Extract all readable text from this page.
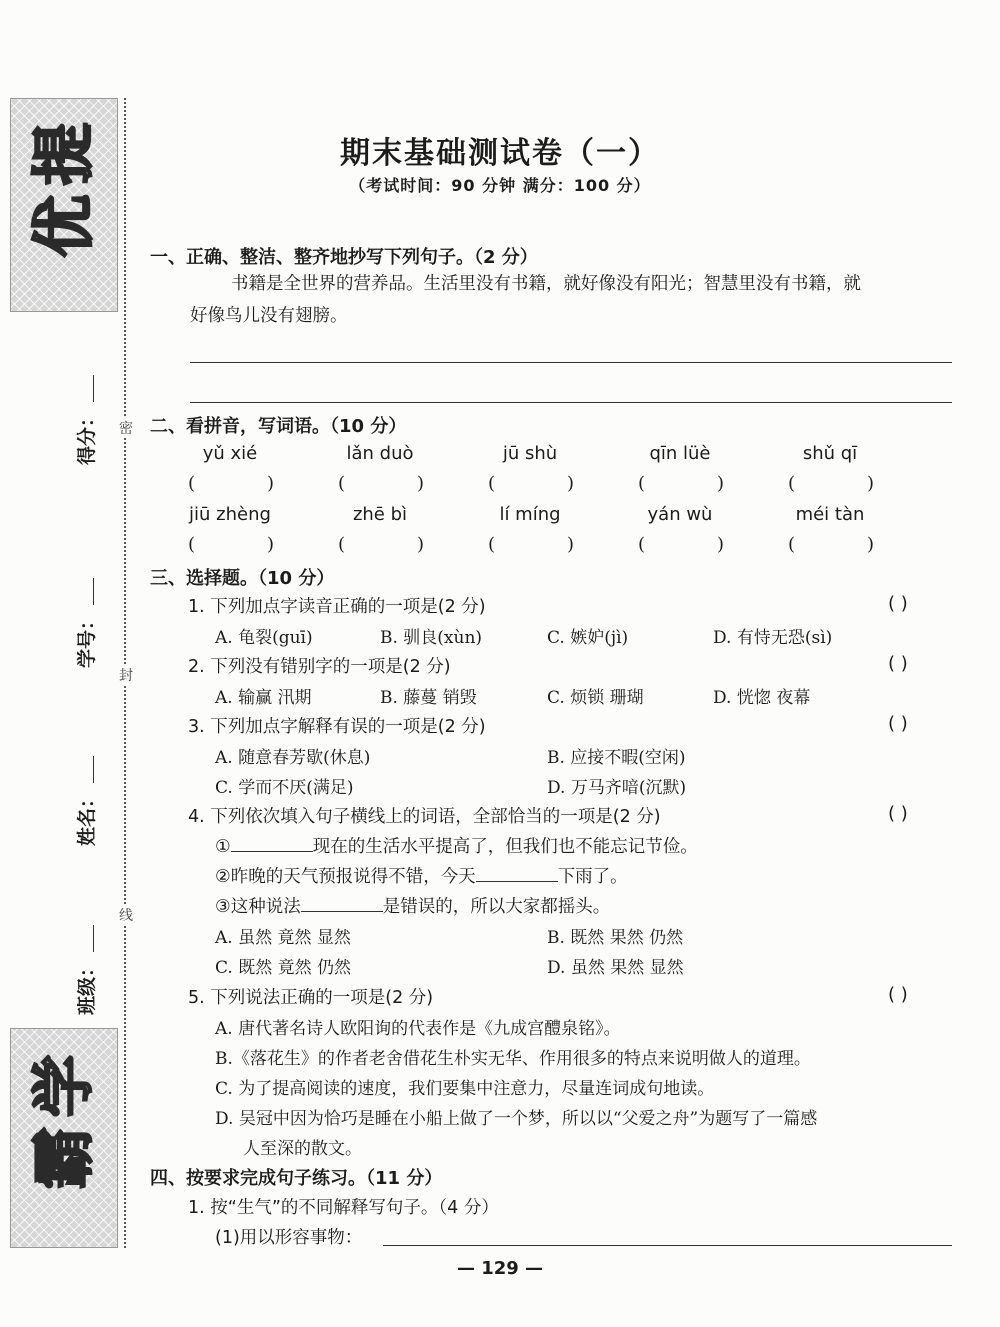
提
优
学
霸
得分：
学号：
姓名：
班级：
密
封
线
期末基础测试卷（一）
（考试时间：90 分钟 满分：100 分）
一、正确、整洁、整齐地抄写下列句子。（2 分）
书籍是全世界的营养品。生活里没有书籍，就好像没有阳光；智慧里没有书籍，就
好像鸟儿没有翅膀。
二、看拼音，写词语。（10 分）
yǔ xié	lǎn duò	jū shù	qīn lüè	shǔ qī
(	)	(	)	(	)	(	)	(	)
jiū zhèng	zhē bì	lí míng	yán wù	méi tàn
(	)	(	)	(	)	(	)	(	)
三、选择题。（10 分）
1. 下列加点字读音正确的一项是(2 分)	( )
A. 龟裂(guī)	B. 驯良(xùn)	C. 嫉妒(jì)	D. 有恃无恐(sì)
2. 下列没有错别字的一项是(2 分)	( )
A. 输赢 汛期	B. 藤蔓 销毁	C. 烦锁 珊瑚	D. 恍惚 夜幕
3. 下列加点字解释有误的一项是(2 分)	( )
A. 随意春芳歇(休息)	B. 应接不暇(空闲)
C. 学而不厌(满足)	D. 万马齐喑(沉默)
4. 下列依次填入句子横线上的词语，全部恰当的一项是(2 分)	( )
①	现在的生活水平提高了，但我们也不能忘记节俭。
②昨晚的天气预报说得不错，今天	下雨了。
③这种说法	是错误的，所以大家都摇头。
A. 虽然 竟然 显然	B. 既然 果然 仍然
C. 既然 竟然 仍然	D. 虽然 果然 显然
5. 下列说法正确的一项是(2 分)	( )
A. 唐代著名诗人欧阳询的代表作是《九成宫醴泉铭》。
B.《落花生》的作者老舍借花生朴实无华、作用很多的特点来说明做人的道理。
C. 为了提高阅读的速度，我们要集中注意力，尽量连词成句地读。
D. 吴冠中因为恰巧是睡在小船上做了一个梦，所以以“父爱之舟”为题写了一篇感
人至深的散文。
四、按要求完成句子练习。（11 分）
1. 按“生气”的不同解释写句子。（4 分）
(1)用以形容事物：
— 129 —
